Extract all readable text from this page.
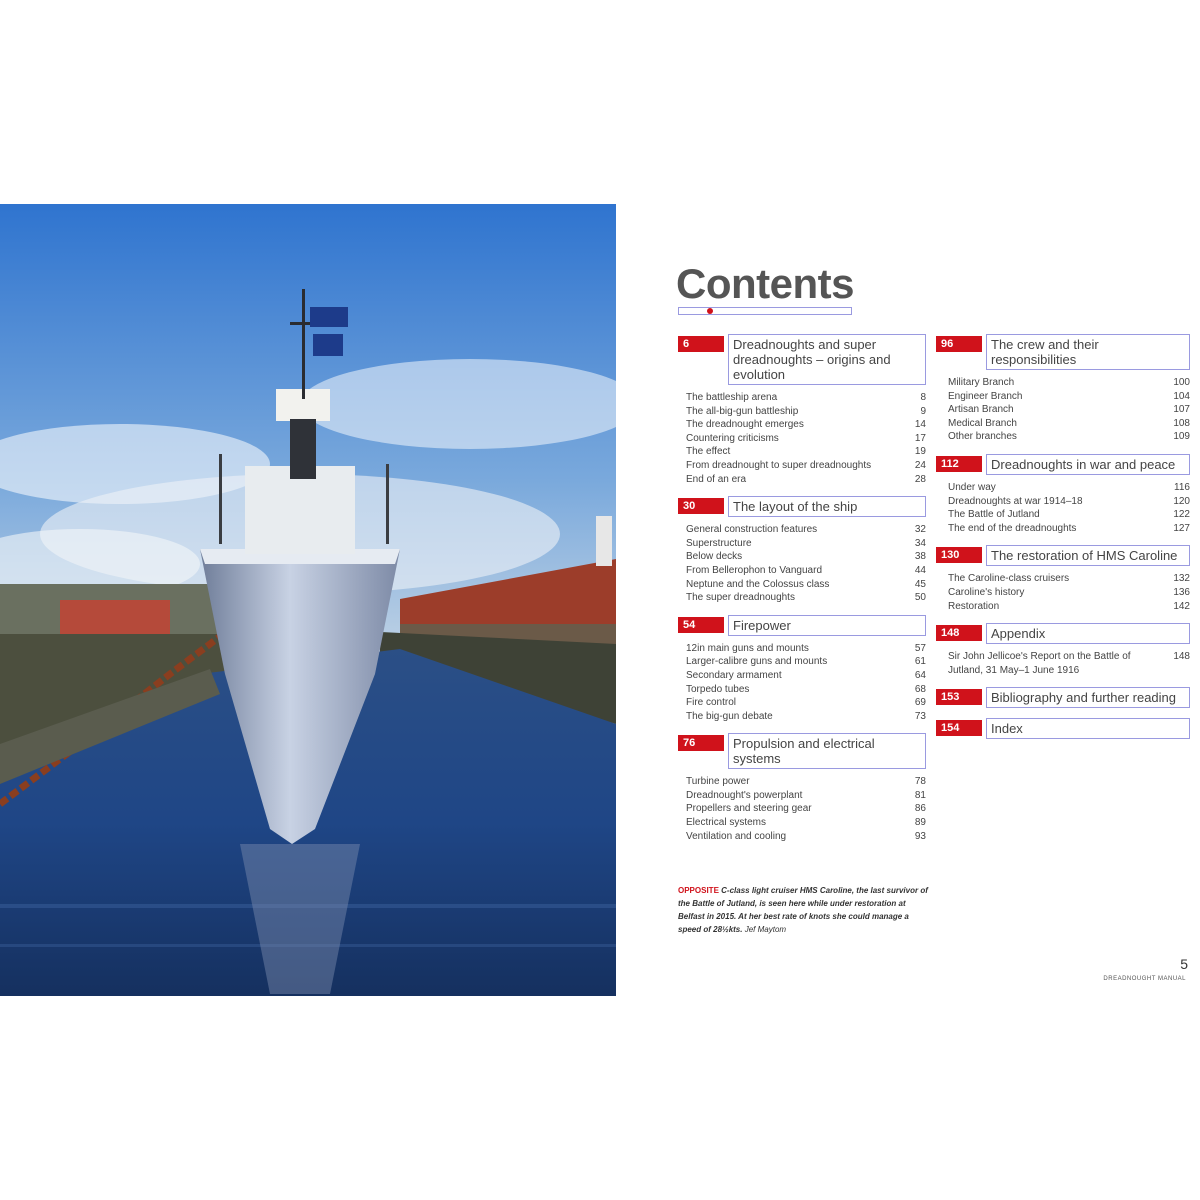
Contents
6	Dreadnoughts and super dreadnoughts – origins and evolution
The battleship arena	8
The all-big-gun battleship	9
The dreadnought emerges	14
Countering criticisms	17
The effect	19
From dreadnought to super dreadnoughts	24
End of an era	28
30	The layout of the ship
General construction features	32
Superstructure	34
Below decks	38
From Bellerophon to Vanguard	44
Neptune and the Colossus class	45
The super dreadnoughts	50
54	Firepower
12in main guns and mounts	57
Larger-calibre guns and mounts	61
Secondary armament	64
Torpedo tubes	68
Fire control	69
The big-gun debate	73
76	Propulsion and electrical systems
Turbine power	78
Dreadnought's powerplant	81
Propellers and steering gear	86
Electrical systems	89
Ventilation and cooling	93
96	The crew and their responsibilities
Military Branch	100
Engineer Branch	104
Artisan Branch	107
Medical Branch	108
Other branches	109
112	Dreadnoughts in war and peace
Under way	116
Dreadnoughts at war 1914–18	120
The Battle of Jutland	122
The end of the dreadnoughts	127
130	The restoration of HMS Caroline
The Caroline-class cruisers	132
Caroline's history	136
Restoration	142
148	Appendix
Sir John Jellicoe's Report on the Battle of Jutland, 31 May–1 June 1916
148
153	Bibliography and further reading
154	Index
OPPOSITE C-class light cruiser HMS Caroline, the last survivor of the Battle of Jutland, is seen here while under restoration at Belfast in 2015. At her best rate of knots she could manage a speed of 28½kts. Jef Maytom
5
DREADNOUGHT MANUAL
